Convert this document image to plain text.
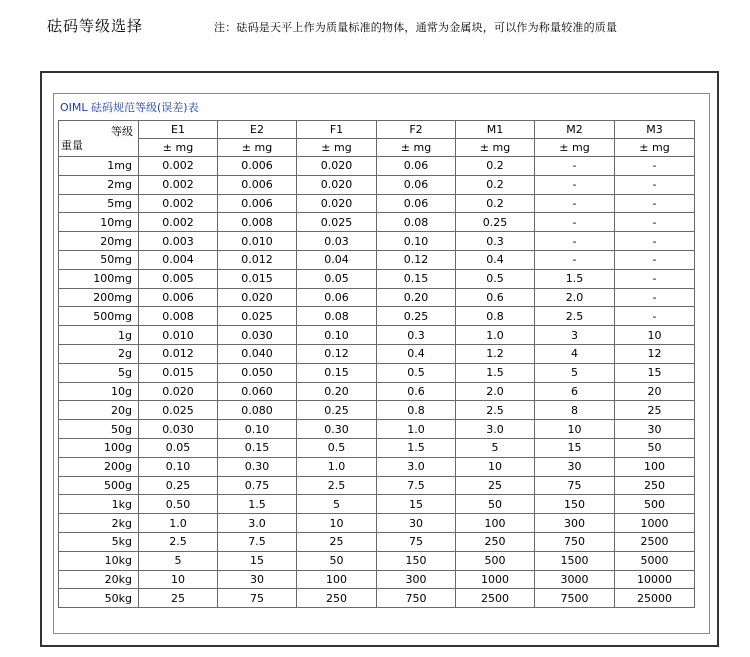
砝码等级选择	注：砝码是天平上作为质量标准的物体，通常为金属块，可以作为称量较准的质量
OIML 砝码规范等级(误差)表
等级
重量	E1	E2	F1	F2	M1	M2	M3
	± mg	± mg	± mg	± mg	± mg	± mg	± mg
1mg	0.002	0.006	0.020	0.06	0.2	-	-
2mg	0.002	0.006	0.020	0.06	0.2	-	-
5mg	0.002	0.006	0.020	0.06	0.2	-	-
10mg	0.002	0.008	0.025	0.08	0.25	-	-
20mg	0.003	0.010	0.03	0.10	0.3	-	-
50mg	0.004	0.012	0.04	0.12	0.4	-	-
100mg	0.005	0.015	0.05	0.15	0.5	1.5	-
200mg	0.006	0.020	0.06	0.20	0.6	2.0	-
500mg	0.008	0.025	0.08	0.25	0.8	2.5	-
1g	0.010	0.030	0.10	0.3	1.0	3	10
2g	0.012	0.040	0.12	0.4	1.2	4	12
5g	0.015	0.050	0.15	0.5	1.5	5	15
10g	0.020	0.060	0.20	0.6	2.0	6	20
20g	0.025	0.080	0.25	0.8	2.5	8	25
50g	0.030	0.10	0.30	1.0	3.0	10	30
100g	0.05	0.15	0.5	1.5	5	15	50
200g	0.10	0.30	1.0	3.0	10	30	100
500g	0.25	0.75	2.5	7.5	25	75	250
1kg	0.50	1.5	5	15	50	150	500
2kg	1.0	3.0	10	30	100	300	1000
5kg	2.5	7.5	25	75	250	750	2500
10kg	5	15	50	150	500	1500	5000
20kg	10	30	100	300	1000	3000	10000
50kg	25	75	250	750	2500	7500	25000
